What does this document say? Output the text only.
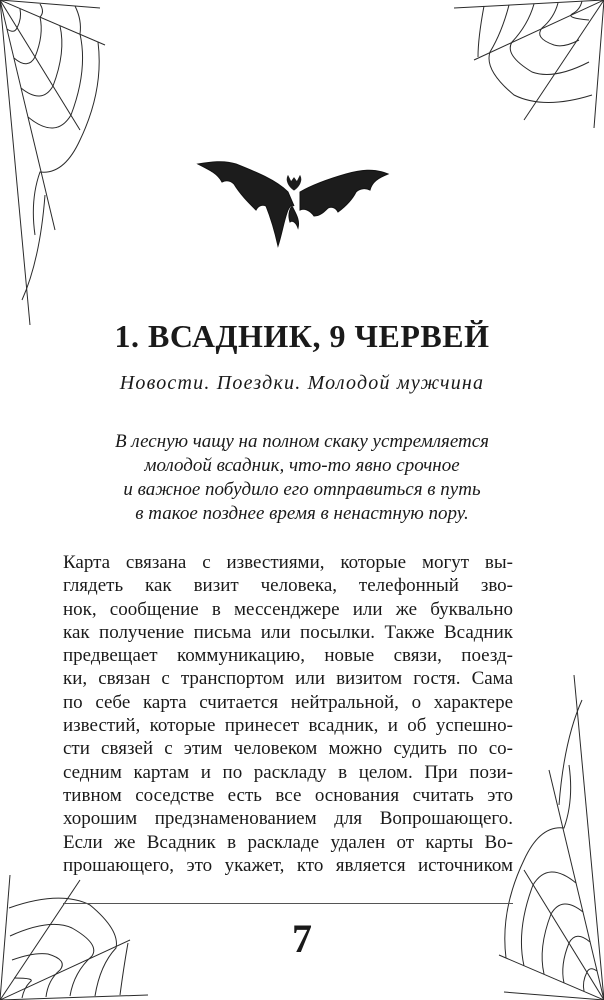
1. ВСАДНИК, 9 ЧЕРВЕЙ
Новости. Поездки. Молодой мужчина
В лесную чащу на полном скаку устремляется
молодой всадник, что-то явно срочное
и важное побудило его отправиться в путь
в такое позднее время в ненастную пору.
Карта связана с известиями, которые могут вы-
глядеть как визит человека, телефонный зво-
нок, сообщение в мессенджере или же буквально
как получение письма или посылки. Также Всадник
предвещает коммуникацию, новые связи, поезд-
ки, связан с транспортом или визитом гостя. Сама
по себе карта считается нейтральной, о характере
известий, которые принесет всадник, и об успешно-
сти связей с этим человеком можно судить по со-
седним картам и по раскладу в целом. При пози-
тивном соседстве есть все основания считать это
хорошим предзнаменованием для Вопрошающего.
Если же Всадник в раскладе удален от карты Во-
прошающего, это укажет, кто является источником
7
